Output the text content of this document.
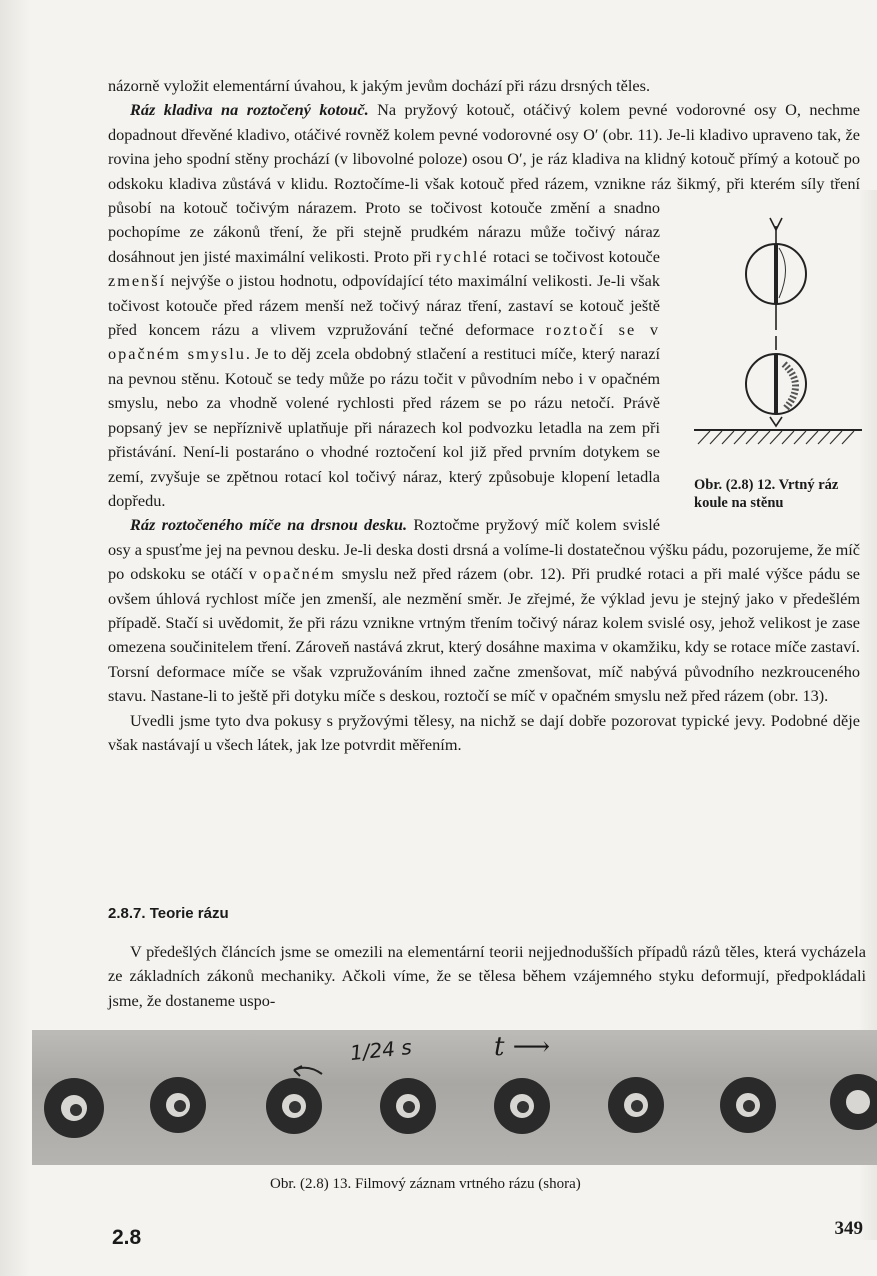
názorně vyložit elementární úvahou, k jakým jevům dochází při rázu drsných těles.

Ráz kladiva na roztočený kotouč. Na pryžový kotouč, otáčivý kolem pevné vodorovné osy O, nechme dopadnout dřevěné kladivo, otáčivé rovněž kolem pevné vodorovné osy O′ (obr. 11). Je-li kladivo upraveno tak, že rovina jeho spodní stěny prochází (v libovolné poloze) osou O′, je ráz kladiva na klidný kotouč přímý a kotouč po odskoku kladiva zůstává v klidu. Roztočíme-li však kotouč před rázem, vznikne ráz šikmý, při kterém síly tření působí na kotouč točivým nárazem. Proto se točivost kotouče změní a snadno pochopíme ze zákonů tření, že při stejně prudkém nárazu může točivý náraz dosáhnout jen jisté maximální velikosti. Proto při rychlé rotaci se točivost kotouče zmenší nejvýše o jistou hodnotu, odpovídající této maximální velikosti. Je-li však točivost kotouče před rázem menší než točivý náraz tření, zastaví se kotouč ještě před koncem rázu a vlivem vzpružování tečné deformace roztočí se v opačném smyslu. Je to děj zcela obdobný stlačení a restituci míče, který narazí na pevnou stěnu. Kotouč se tedy může po rázu točit v původním nebo i v opačném smyslu, nebo za vhodně volené rychlosti před rázem se po rázu netočí. Právě popsaný jev se nepříznivě uplatňuje při nárazech kol podvozku letadla na zem při přistávání. Není-li postaráno o vhodné roztočení kol již před prvním dotykem se zemí, zvyšuje se zpětnou rotací kol točivý náraz, který způsobuje klopení letadla dopředu.

Ráz roztočeného míče na drsnou desku. Roztočme pryžový míč kolem svislé osy a spusťme jej na pevnou desku. Je-li deska dosti drsná a volíme-li dostatečnou výšku pádu, pozorujeme, že míč po odskoku se otáčí v opačném smyslu než před rázem (obr. 12). Při prudké rotaci a při malé výšce pádu se ovšem úhlová rychlost míče jen zmenší, ale nezmění směr. Je zřejmé, že výklad jevu je stejný jako v předešlém případě. Stačí si uvědomit, že při rázu vznikne vrtným třením točivý náraz kolem svislé osy, jehož velikost je zase omezena součinitelem tření. Zároveň nastává zkrut, který dosáhne maxima v okamžiku, kdy se rotace míče zastaví. Torsní deformace míče se však vzpružováním ihned začne zmenšovat, míč nabývá původního nezkrouceného stavu. Nastane-li to ještě při dotyku míče s deskou, roztočí se míč v opačném smyslu než před rázem (obr. 13).

Uvedli jsme tyto dva pokusy s pryžovými tělesy, na nichž se dají dobře pozorovat typické jevy. Podobné děje však nastávají u všech látek, jak lze potvrdit měřením.

Obr. (2.8) 12. Vrtný ráz koule na stěnu
2.8.7. Teorie rázu
V předešlých článcích jsme se omezili na elementární teorii nejjednodušších případů rázů těles, která vycházela ze základních zákonů mechaniky. Ačkoli víme, že se tělesa během vzájemného styku deformují, předpokládali jsme, že dostaneme uspo-
1/24 s	t ⟶
Obr. (2.8) 13. Filmový záznam vrtného rázu (shora)
2.8	349
